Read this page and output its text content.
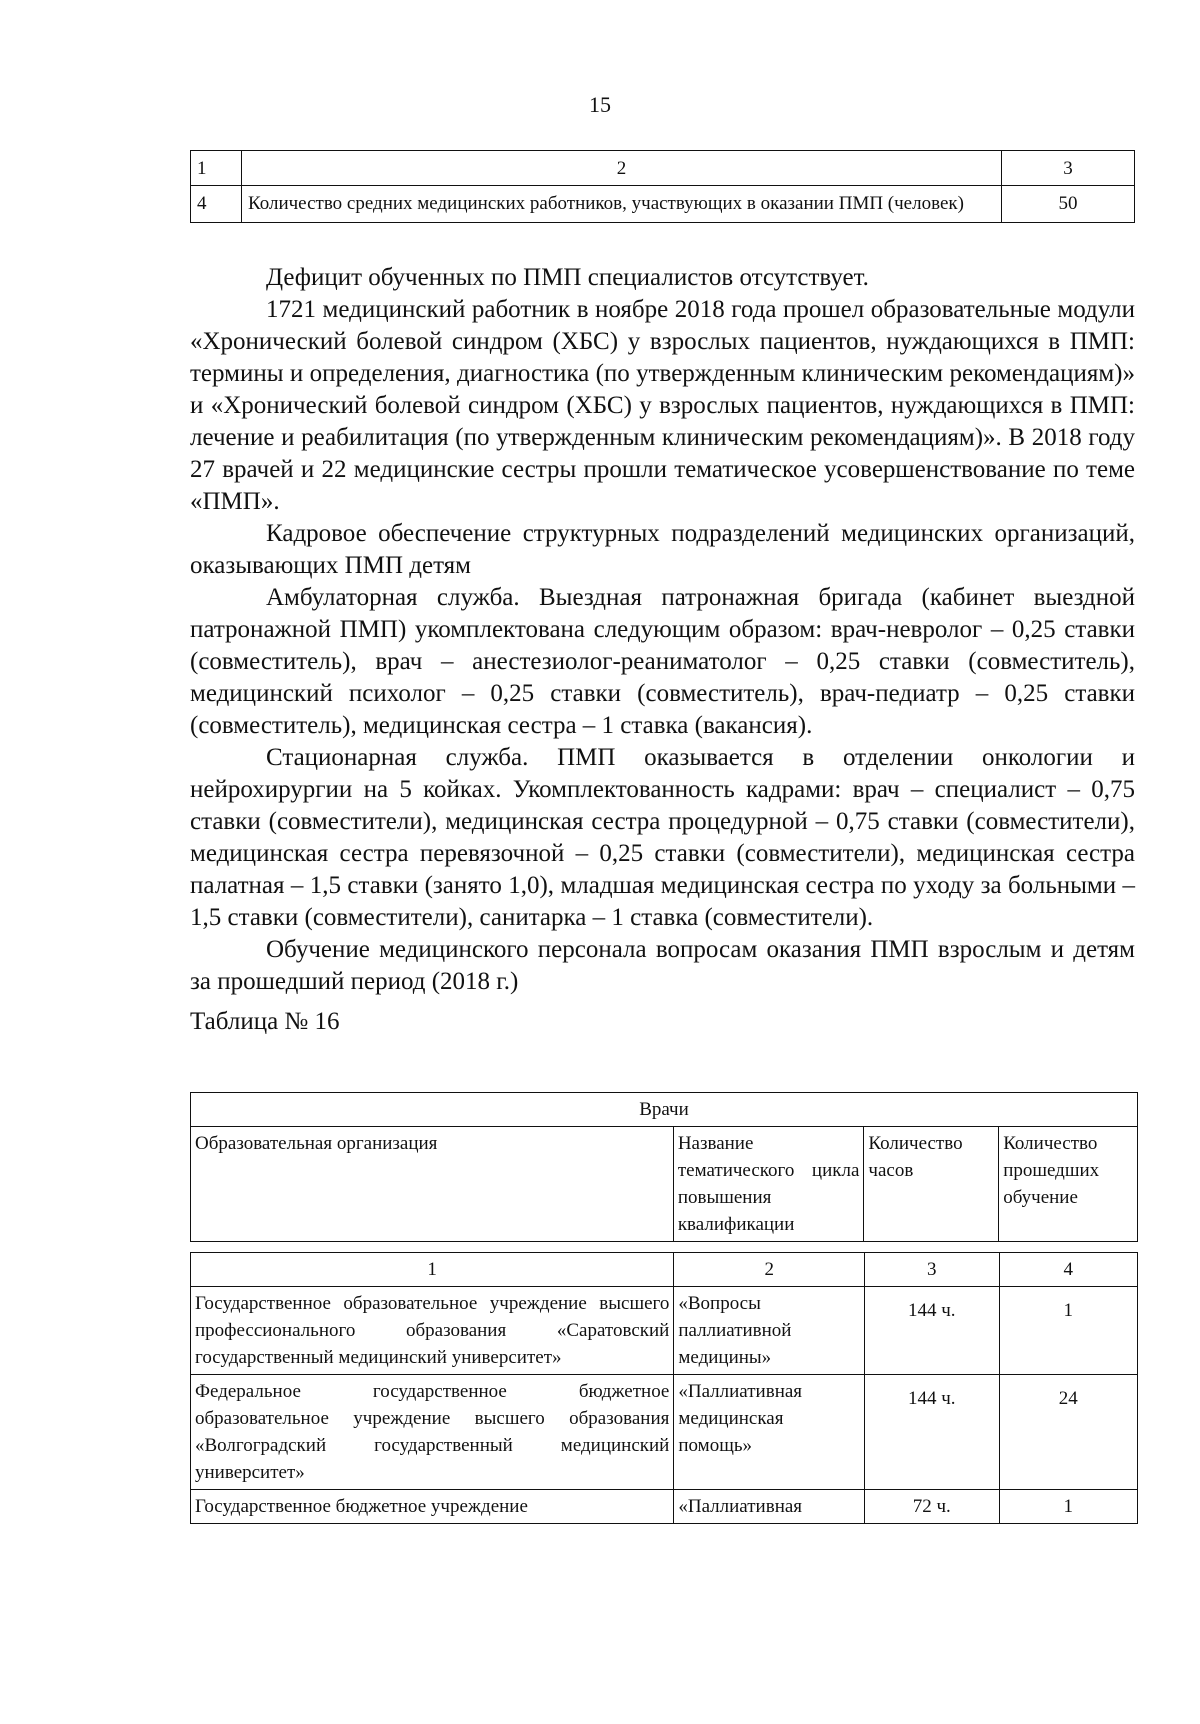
15
1	2	3
4	Количество средних медицинских работников, участвующих в оказании ПМП (человек)	50

Дефицит обученных по ПМП специалистов отсутствует.

1721 медицинский работник в ноябре 2018 года прошел образовательные модули «Хронический болевой синдром (ХБС) у взрослых пациентов, нуждающихся в ПМП: термины и определения, диагностика (по утвержденным клиническим рекомендациям)» и «Хронический болевой синдром (ХБС) у взрослых пациентов, нуждающихся в ПМП: лечение и реабилитация (по утвержденным клиническим рекомендациям)». В 2018 году 27 врачей и 22 медицинские сестры прошли тематическое усовершенствование по теме «ПМП».

Кадровое обеспечение структурных подразделений медицинских организаций, оказывающих ПМП детям

Амбулаторная служба. Выездная патронажная бригада (кабинет выездной патронажной ПМП) укомплектована следующим образом: врач-невролог – 0,25 ставки (совместитель), врач – анестезиолог-реаниматолог – 0,25 ставки (совместитель), медицинский психолог – 0,25 ставки (совместитель), врач-педиатр – 0,25 ставки (совместитель), медицинская сестра – 1 ставка (вакансия).

Стационарная служба. ПМП оказывается в отделении онкологии и нейрохирургии на 5 койках. Укомплектованность кадрами: врач – специалист – 0,75 ставки (совместители), медицинская сестра процедурной – 0,75 ставки (совместители), медицинская сестра перевязочной – 0,25 ставки (совместители), медицинская сестра палатная – 1,5 ставки (занято 1,0), младшая медицинская сестра по уходу за больными – 1,5 ставки (совместители), санитарка – 1 ставка (совместители).

Обучение медицинского персонала вопросам оказания ПМП взрослым и детям за прошедший период (2018 г.)

Таблица № 16

Врачи
Образовательная организация	Название тематического цикла повышения квалификации	Количество часов	Количество прошедших обучение
1	2	3	4
Государственное образовательное учреждение высшего профессионального образования «Саратовский государственный медицинский университет»	«Вопросы паллиативной медицины»	144 ч.	1
Федеральное государственное бюджетное образовательное учреждение высшего образования «Волгоградский государственный медицинский университет»	«Паллиативная медицинская помощь»	144 ч.	24
Государственное бюджетное учреждение	«Паллиативная	72 ч.	1
